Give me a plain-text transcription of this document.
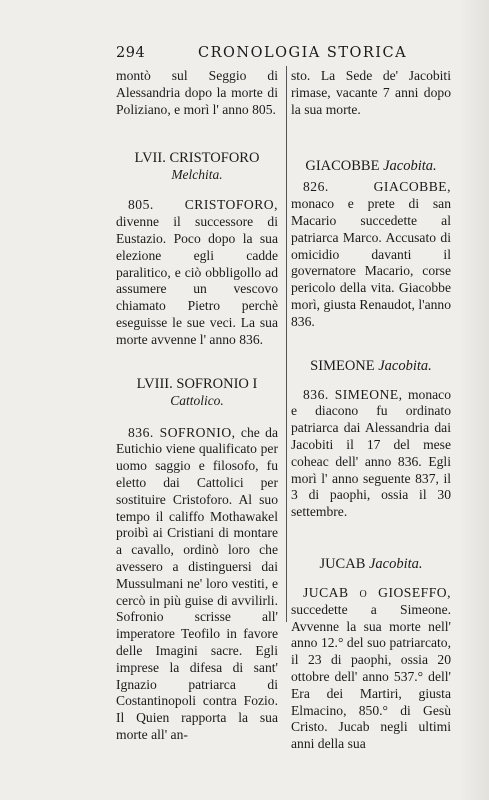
294	CRONOLOGIA STORICA

montò sul Seggio di Alessandria dopo la morte di Poliziano, e morì l' anno 805.

LVII. CRISTOFORO
Melchita.

805. CRISTOFORO, divenne il successore di Eustazio. Poco dopo la sua elezione egli cadde paralitico, e ciò obbligollo ad assumere un vescovo chiamato Pietro perchè eseguisse le sue veci. La sua morte avvenne l' anno 836.

LVIII. SOFRONIO I
Cattolico.

836. SOFRONIO, che da Eutichio viene qualificato per uomo saggio e filosofo, fu eletto dai Cattolici per sostituire Cristoforo. Al suo tempo il califfo Mothawakel proibì ai Cristiani di montare a cavallo, ordinò loro che avessero a distinguersi dai Mussulmani ne' loro vestiti, e cercò in più guise di avvilirli. Sofronio scrisse all' imperatore Teofilo in favore delle Imagini sacre. Egli imprese la difesa di sant' Ignazio patriarca di Costantinopoli contra Fozio. Il Quien rapporta la sua morte all' an-

sto. La Sede de' Jacobiti rimase, vacante 7 anni dopo la sua morte.

GIACOBBE Jacobita.

826. GIACOBBE, monaco e prete di san Macario succedette al patriarca Marco. Accusato di omicidio davanti il governatore Macario, corse pericolo della vita. Giacobbe morì, giusta Renaudot, l'anno 836.

SIMEONE Jacobita.

836. SIMEONE, monaco e diacono fu ordinato patriarca dai Alessandria dai Jacobiti il 17 del mese coheac dell' anno 836. Egli morì l' anno seguente 837, il 3 di paophi, ossia il 30 settembre.

JUCAB Jacobita.

JUCAB o GIOSEFFO, succedette a Simeone. Avvenne la sua morte nell' anno 12.° del suo patriarcato, il 23 di paophi, ossia 20 ottobre dell' anno 537.° dell' Era dei Martiri, giusta Elmacino, 850.° di Gesù Cristo. Jucab negli ultimi anni della sua
